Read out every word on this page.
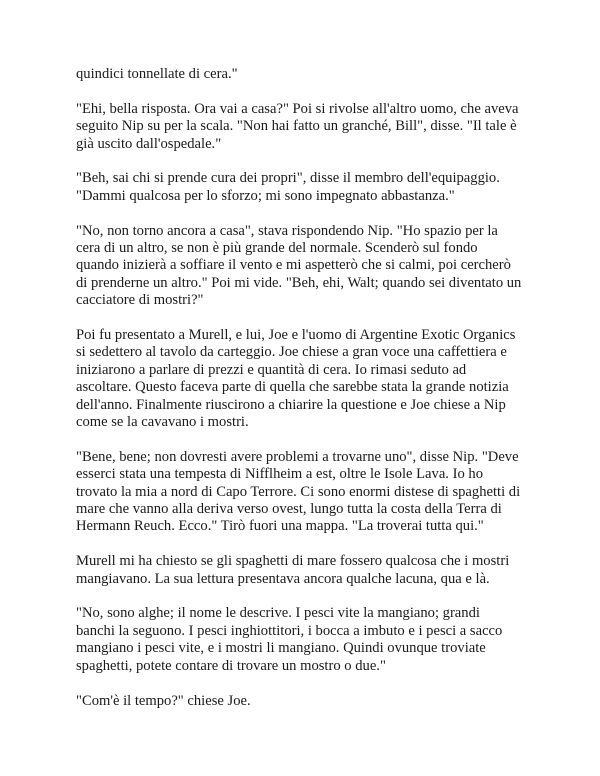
quindici tonnellate di cera."

"Ehi, bella risposta. Ora vai a casa?" Poi si rivolse all'altro uomo, che aveva
seguito Nip su per la scala. "Non hai fatto un granché, Bill", disse. "Il tale è
già uscito dall'ospedale."

"Beh, sai chi si prende cura dei propri", disse il membro dell'equipaggio.
"Dammi qualcosa per lo sforzo; mi sono impegnato abbastanza."

"No, non torno ancora a casa", stava rispondendo Nip. "Ho spazio per la
cera di un altro, se non è più grande del normale. Scenderò sul fondo
quando inizierà a soffiare il vento e mi aspetterò che si calmi, poi cercherò
di prenderne un altro." Poi mi vide. "Beh, ehi, Walt; quando sei diventato un
cacciatore di mostri?"

Poi fu presentato a Murell, e lui, Joe e l'uomo di Argentine Exotic Organics
si sedettero al tavolo da carteggio. Joe chiese a gran voce una caffettiera e
iniziarono a parlare di prezzi e quantità di cera. Io rimasi seduto ad
ascoltare. Questo faceva parte di quella che sarebbe stata la grande notizia
dell'anno. Finalmente riuscirono a chiarire la questione e Joe chiese a Nip
come se la cavavano i mostri.

"Bene, bene; non dovresti avere problemi a trovarne uno", disse Nip. "Deve
esserci stata una tempesta di Nifflheim a est, oltre le Isole Lava. Io ho
trovato la mia a nord di Capo Terrore. Ci sono enormi distese di spaghetti di
mare che vanno alla deriva verso ovest, lungo tutta la costa della Terra di
Hermann Reuch. Ecco." Tirò fuori una mappa. "La troverai tutta qui."

Murell mi ha chiesto se gli spaghetti di mare fossero qualcosa che i mostri
mangiavano. La sua lettura presentava ancora qualche lacuna, qua e là.

"No, sono alghe; il nome le descrive. I pesci vite la mangiano; grandi
banchi la seguono. I pesci inghiottitori, i bocca a imbuto e i pesci a sacco
mangiano i pesci vite, e i mostri li mangiano. Quindi ovunque troviate
spaghetti, potete contare di trovare un mostro o due."

"Com'è il tempo?" chiese Joe.
